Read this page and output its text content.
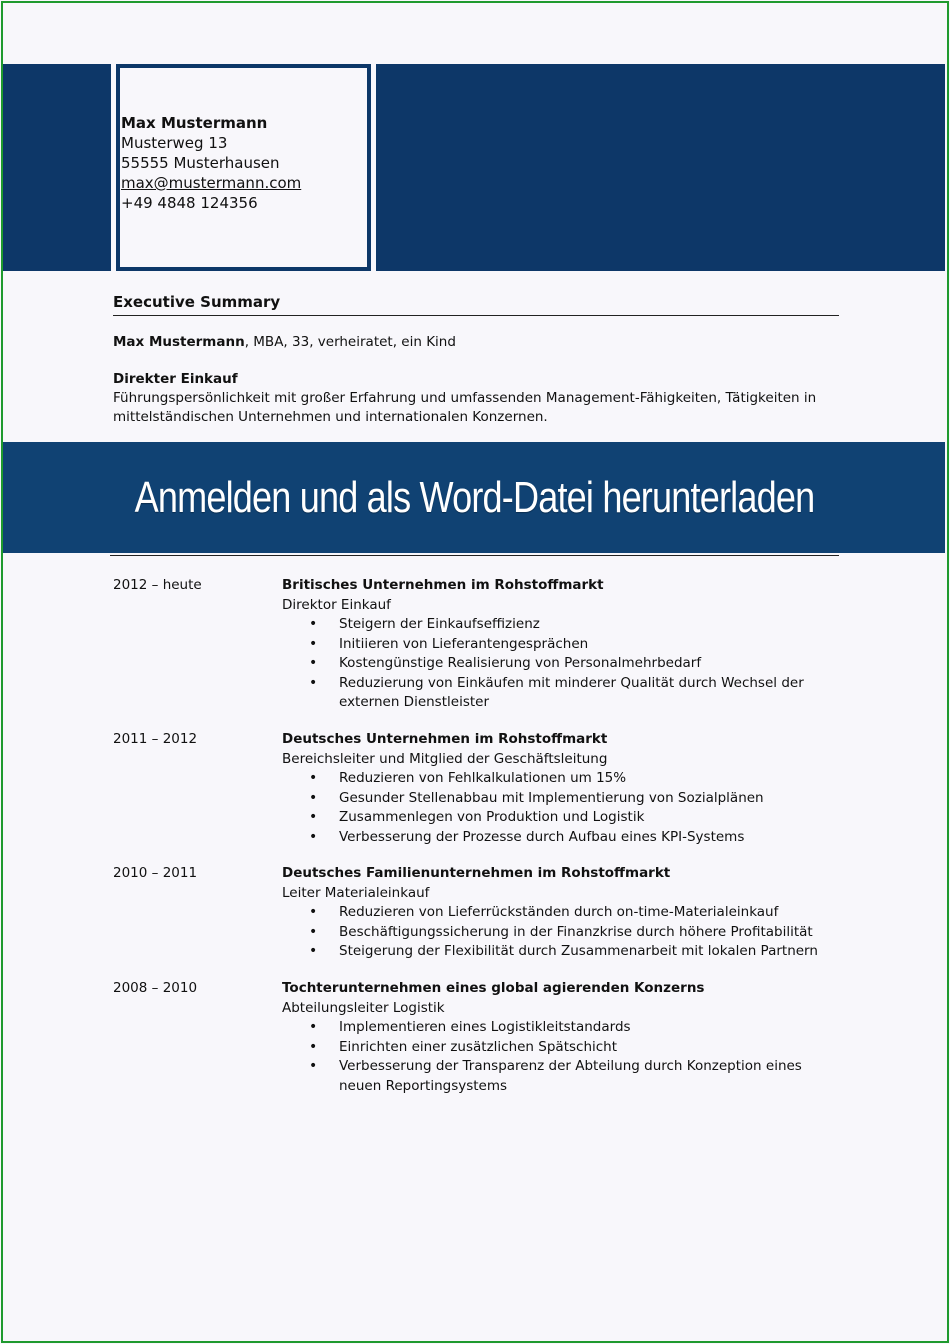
Max Mustermann
Musterweg 13
55555 Musterhausen
max@mustermann.com
+49 4848 124356
Executive Summary
Max Mustermann, MBA, 33, verheiratet, ein Kind
Direkter Einkauf
Führungspersönlichkeit mit großer Erfahrung und umfassenden Management-Fähigkeiten, Tätigkeiten in mittelständischen Unternehmen und internationalen Konzernen.
Anmelden und als Word-Datei herunterladen
2012 – heute	Britisches Unternehmen im Rohstoffmarkt
Direktor Einkauf
• Steigern der Einkaufseffizienz
• Initiieren von Lieferantengesprächen
• Kostengünstige Realisierung von Personalmehrbedarf
• Reduzierung von Einkäufen mit minderer Qualität durch Wechsel der externen Dienstleister
2011 – 2012	Deutsches Unternehmen im Rohstoffmarkt
Bereichsleiter und Mitglied der Geschäftsleitung
• Reduzieren von Fehlkalkulationen um 15%
• Gesunder Stellenabbau mit Implementierung von Sozialplänen
• Zusammenlegen von Produktion und Logistik
• Verbesserung der Prozesse durch Aufbau eines KPI-Systems
2010 – 2011	Deutsches Familienunternehmen im Rohstoffmarkt
Leiter Materialeinkauf
• Reduzieren von Lieferrückständen durch on-time-Materialeinkauf
• Beschäftigungssicherung in der Finanzkrise durch höhere Profitabilität
• Steigerung der Flexibilität durch Zusammenarbeit mit lokalen Partnern
2008 – 2010	Tochterunternehmen eines global agierenden Konzerns
Abteilungsleiter Logistik
• Implementieren eines Logistikleitstandards
• Einrichten einer zusätzlichen Spätschicht
• Verbesserung der Transparenz der Abteilung durch Konzeption eines neuen Reportingsystems
